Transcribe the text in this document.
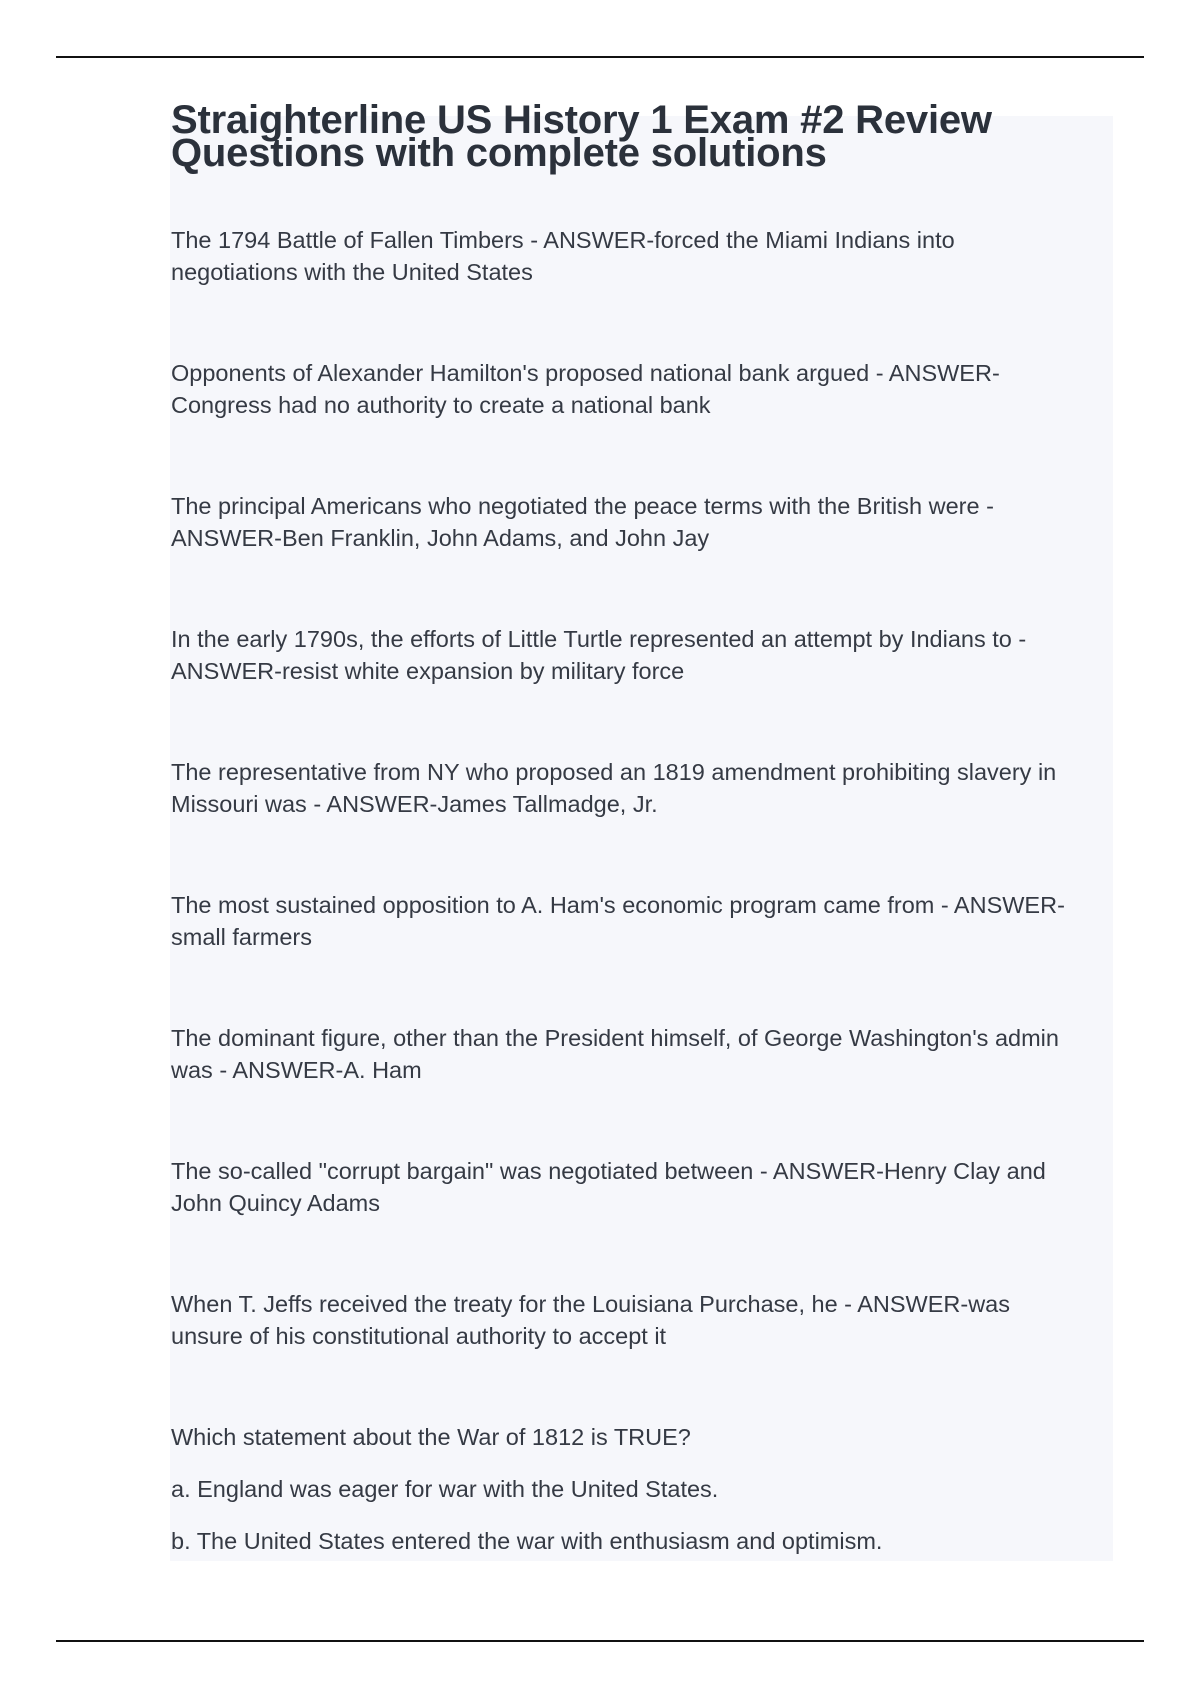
Straighterline US History 1 Exam #2 Review
Questions with complete solutions

The 1794 Battle of Fallen Timbers - ANSWER-forced the Miami Indians into
negotiations with the United States

Opponents of Alexander Hamilton's proposed national bank argued - ANSWER-
Congress had no authority to create a national bank

The principal Americans who negotiated the peace terms with the British were -
ANSWER-Ben Franklin, John Adams, and John Jay

In the early 1790s, the efforts of Little Turtle represented an attempt by Indians to -
ANSWER-resist white expansion by military force

The representative from NY who proposed an 1819 amendment prohibiting slavery in
Missouri was - ANSWER-James Tallmadge, Jr.

The most sustained opposition to A. Ham's economic program came from - ANSWER-
small farmers

The dominant figure, other than the President himself, of George Washington's admin
was - ANSWER-A. Ham

The so-called "corrupt bargain" was negotiated between - ANSWER-Henry Clay and
John Quincy Adams

When T. Jeffs received the treaty for the Louisiana Purchase, he - ANSWER-was
unsure of his constitutional authority to accept it

Which statement about the War of 1812 is TRUE?
a. England was eager for war with the United States.
b. The United States entered the war with enthusiasm and optimism.
